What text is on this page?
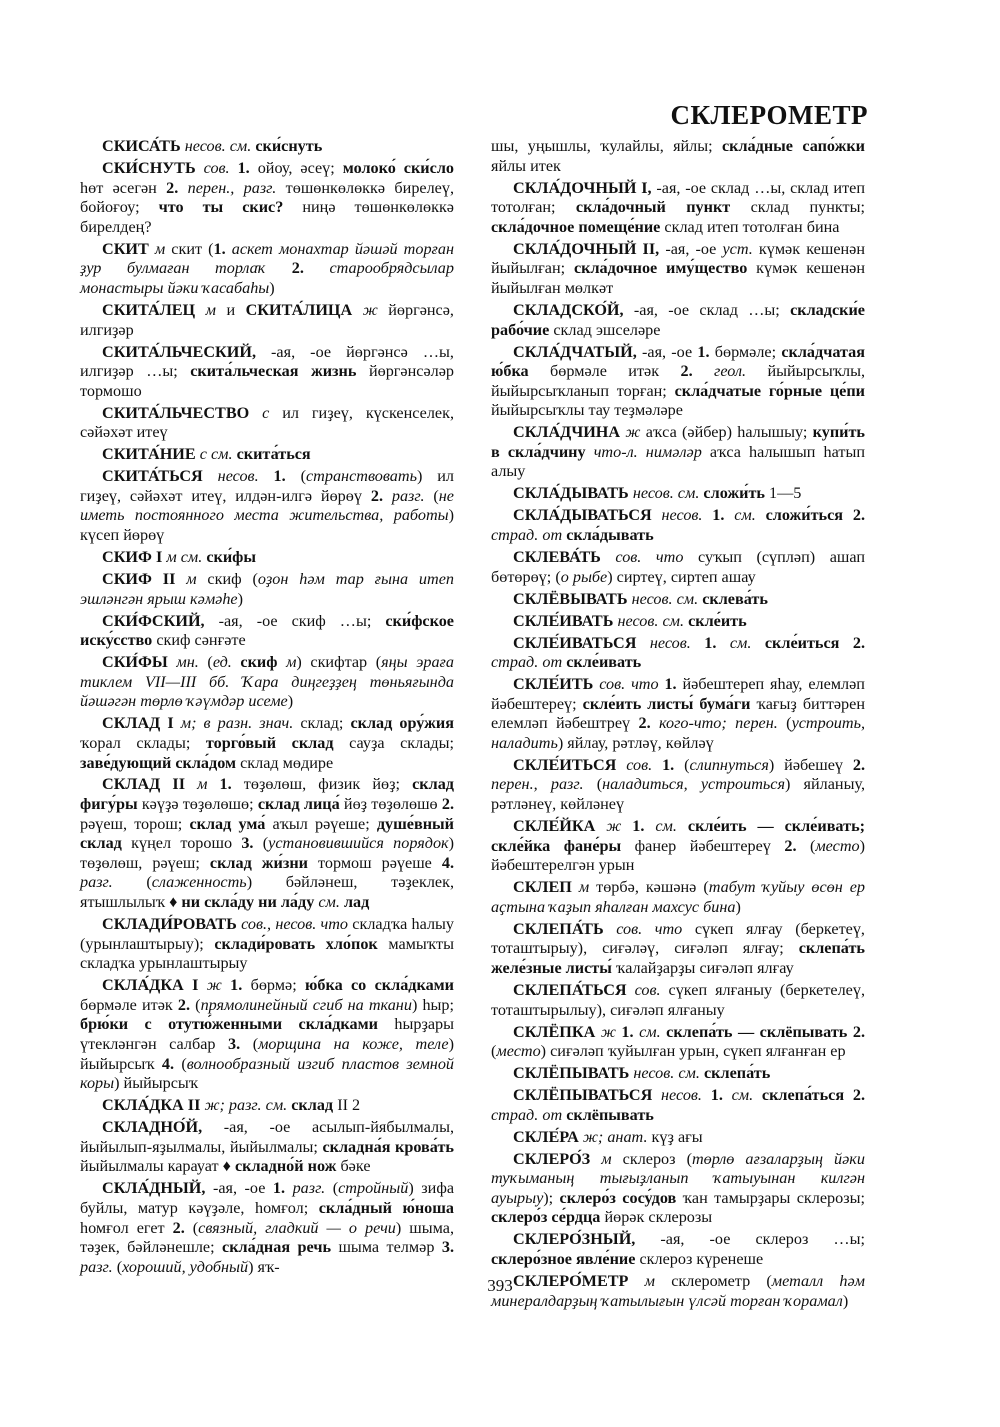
СКЛЕРОМЕТР

СКИСА́ТЬ несов. см. ски́снуть

СКИ́СНУТЬ сов. 1. ойоу, әсеү; молоко́ ски́сло һөт әсегән 2. перен., разг. төшөнкөлөккә бирелеү, бойоғоу; что ты скис? ниңә төшөнкөлөккә бирелдең?

СКИТ м скит (1. аскет монахтар йәшәй торған ҙур булмаған торлаҡ 2. старообрядсылар монастыры йәки ҡасабаһы)

СКИТА́ЛЕЦ м и СКИТА́ЛИЦА ж йөргәнсә, илгиҙәр

СКИТА́ЛЬЧЕСКИЙ, -ая, -ое йөргәнсә …ы, илгиҙәр …ы; скита́льческая жизнь йөргәнсәләр тормошо

СКИТА́ЛЬЧЕСТВО с ил гиҙеү, күскенселек, сәйәхәт итеү

СКИТА́НИЕ с см. скита́ться

СКИТА́ТЬСЯ несов. 1. (странствовать) ил гиҙеү, сәйәхәт итеү, илдән-илгә йөрөү 2. разг. (не иметь постоянного места жительства, работы) күсеп йөрөү

СКИФ I м см. ски́фы

СКИФ II м скиф (оҙон һәм тар ғына итеп эшләнгән ярыш кәмәһе)

СКИ́ФСКИЙ, -ая, -ое скиф …ы; ски́фское иску́сство скиф сәнғәте

СКИ́ФЫ мн. (ед. скиф м) скифтар (яңы эраға тиклем VII—III бб. Ҡара диңгеҙҙең төньяғында йәшәгән төрлө ҡәүмдәр исеме)

СКЛАД I м; в разн. знач. склад; склад ору́жия ҡорал склады; торго́вый склад сауҙа склады; заве́дующий скла́дом склад мөдире

СКЛАД II м 1. төҙөлөш, физик йөҙ; склад фигу́ры кәүҙә төҙөлөшө; склад лица́ йөҙ төҙөлөшө 2. рәүеш, торош; склад ума́ аҡыл рәүеше; душе́вный склад күңел торошо 3. (установившийся порядок) төҙөлөш, рәүеш; склад жи́зни тормош рәүеше 4. разг. (слаженность) бәйләнеш, тәҙеклек, ятышлылыҡ ♦ ни скла́ду ни ла́ду см. лад

СКЛАДИ́РОВАТЬ сов., несов. что складҡа һалыу (урынлаштырыу); склади́ровать хло́пок мамыҡты складҡа урынлаштырыу

СКЛА́ДКА I ж 1. бөрмә; ю́бка со скла́дками бөрмәле итәк 2. (прямолинейный сгиб на ткани) һыр; брю́ки с отутю́женными скла́дками һырҙары үтекләнгән салбар 3. (морщина на коже, теле) йыйырсыҡ 4. (волнообразный изгиб пластов земной коры) йыйырсыҡ

СКЛА́ДКА II ж; разг. см. склад II 2

СКЛАДНО́Й, -ая, -ое асылып-йябылмалы, йыйылып-яҙылмалы, йыйылмалы; складна́я крова́ть йыйылмалы карауат ♦ складно́й нож бәке

СКЛА́ДНЫЙ, -ая, -ое 1. разг. (стройный) зифа буйлы, матур кәүҙәле, һомғол; скла́дный ю́ноша һомғол егет 2. (связный, гладкий — о речи) шыма, тәҙек, бәйләнешле; скла́дная речь шыма телмәр 3. разг. (хороший, удобный) яҡ-

шы, уңышлы, ҡулайлы, яйлы; скла́дные сапо́жки яйлы итек

СКЛА́ДОЧНЫЙ I, -ая, -ое склад …ы, склад итеп тотолған; скла́дочный пункт склад пункты; скла́дочное помеще́ние склад итеп тотолған бина

СКЛА́ДОЧНЫЙ II, -ая, -ое уст. күмәк кешенән йыйылған; скла́дочное иму́щество күмәк кешенән йыйылған мөлкәт

СКЛАДСКО́Й, -ая, -ое склад …ы; складски́е рабо́чие склад эшселәре

СКЛА́ДЧАТЫЙ, -ая, -ое 1. бөрмәле; скла́дчатая ю́бка бөрмәле итәк 2. геол. йыйырсыҡлы, йыйырсыҡланып торған; скла́дчатые го́рные це́пи йыйырсыҡлы тау теҙмәләре

СКЛА́ДЧИНА ж аҡса (әйбер) һалышыу; купи́ть в скла́дчину что-л. нимәләр аҡса һалышып һатып алыу

СКЛА́ДЫВАТЬ несов. см. сложи́ть 1—5

СКЛА́ДЫВАТЬСЯ несов. 1. см. сложи́ться 2. страд. от скла́дывать

СКЛЕВА́ТЬ сов. что суҡып (сүпләп) ашап бөтөрөү; (о рыбе) сиртеү, сиртеп ашау

СКЛЁВЫВАТЬ несов. см. склева́ть

СКЛЕ́ИВАТЬ несов. см. скле́ить

СКЛЕ́ИВАТЬСЯ несов. 1. см. скле́иться 2. страд. от скле́ивать

СКЛЕ́ИТЬ сов. что 1. йәбештереп яһау, елемләп йәбештереү; скле́ить листы́ бума́ги ҡағыҙ биттәрен елемләп йәбештреү 2. кого-что; перен. (устроить, наладить) яйлау, рәтләү, көйләү

СКЛЕ́ИТЬСЯ сов. 1. (слипнуться) йәбешеү 2. перен., разг. (наладиться, устроиться) яйланыу, рәтләнеү, көйләнеү

СКЛЕ́ЙКА ж 1. см. скле́ить — скле́ивать; скле́йка фане́ры фанер йәбештереү 2. (место) йәбештерелгән урын

СКЛЕП м төрбә, кәшәнә (табут ҡуйыу өсөн ер аҫтына ҡаҙып яһалған махсус бина)

СКЛЕПА́ТЬ сов. что сүкеп ялғау (беркетеү, тоташтырыу), сиғәләү, сиғәләп ялғау; склепа́ть желе́зные листы́ ҡалайҙарҙы сиғәләп ялғау

СКЛЕПА́ТЬСЯ сов. сүкеп ялғаныу (беркетелеү, тоташтырылыу), сиғәләп ялғаныу

СКЛЁПКА ж 1. см. склепа́ть — склёпывать 2. (место) сиғәләп ҡуйылған урын, сүкеп ялғанған ер

СКЛЁПЫВАТЬ несов. см. склепа́ть

СКЛЁПЫВАТЬСЯ несов. 1. см. склепа́ться 2. страд. от склёпывать

СКЛЕ́РА ж; анат. күҙ ағы

СКЛЕРО́З м склероз (төрлө ағзаларҙың йәки туҡыманың тығыҙланып ҡатыуынан килгән ауырыу); склеро́з сосу́дов ҡан тамырҙары склерозы; склеро́з се́рдца йөрәк склерозы

СКЛЕРО́ЗНЫЙ, -ая, -ое склероз …ы; склеро́зное явле́ние склероз күренеше

СКЛЕРО́МЕТР м склерометр (металл һәм минералдарҙың ҡатылығын үлсәй торған ҡорамал)

393
